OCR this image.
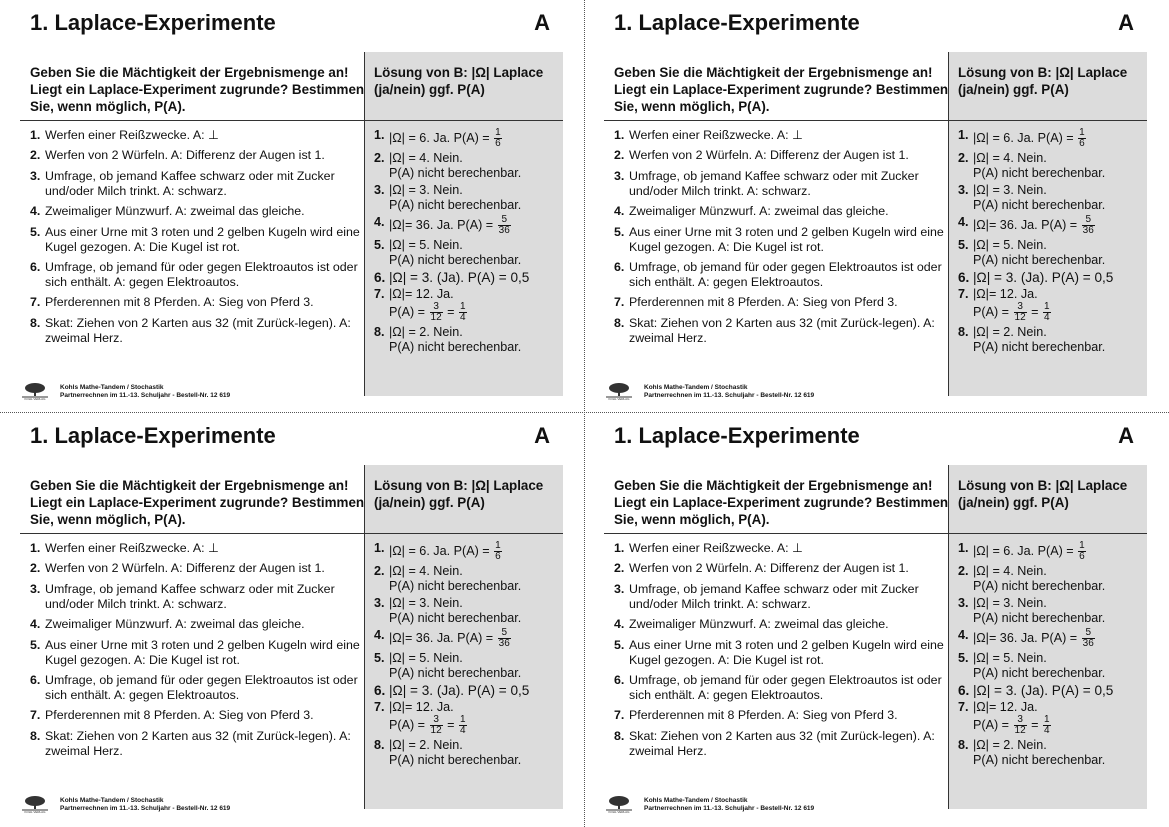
1. Laplace-Experimente	A
Geben Sie die Mächtigkeit der Ergebnismenge an! Liegt ein Laplace-Experiment zugrunde? Bestimmen Sie, wenn möglich, P(A).
1. Werfen einer Reißzwecke. A: ⊥
2. Werfen von 2 Würfeln. A: Differenz der Augen ist 1.
3. Umfrage, ob jemand Kaffee schwarz oder mit Zucker und/oder Milch trinkt. A: schwarz.
4. Zweimaliger Münzwurf. A: zweimal das gleiche.
5. Aus einer Urne mit 3 roten und 2 gelben Kugeln wird eine Kugel gezogen. A: Die Kugel ist rot.
6. Umfrage, ob jemand für oder gegen Elektroautos ist oder sich enthält. A: gegen Elektroautos.
7. Pferderennen mit 8 Pferden. A: Sieg von Pferd 3.
8. Skat: Ziehen von 2 Karten aus 32 (mit Zurück-legen). A: zweimal Herz.
Lösung von B: |Ω| Laplace (ja/nein) ggf. P(A)
1. |Ω| = 6. Ja. $P(A) = \frac{1}{6}$
2. |Ω| = 4. Nein.
P(A) nicht berechenbar.
3. |Ω| = 3. Nein.
P(A) nicht berechenbar.
4. |Ω|= 36. Ja. $P(A) = \frac{5}{36}$
5. |Ω| = 5. Nein.
P(A) nicht berechenbar.
6. |Ω| = 3. (Ja). P(A) = 0,5
7. |Ω|= 12. Ja.
$P(A) = \frac{3}{12} = \frac{1}{4}$
8. |Ω| = 2. Nein.
P(A) nicht berechenbar.
KOHL VERLAG
Kohls Mathe-Tandem / Stochastik
Partnerrechnen im 11.-13. Schuljahr - Bestell-Nr. 12 619
1. Laplace-Experimente	A
Geben Sie die Mächtigkeit der Ergebnismenge an! Liegt ein Laplace-Experiment zugrunde? Bestimmen Sie, wenn möglich, P(A).
1. Werfen einer Reißzwecke. A: ⊥
2. Werfen von 2 Würfeln. A: Differenz der Augen ist 1.
3. Umfrage, ob jemand Kaffee schwarz oder mit Zucker und/oder Milch trinkt. A: schwarz.
4. Zweimaliger Münzwurf. A: zweimal das gleiche.
5. Aus einer Urne mit 3 roten und 2 gelben Kugeln wird eine Kugel gezogen. A: Die Kugel ist rot.
6. Umfrage, ob jemand für oder gegen Elektroautos ist oder sich enthält. A: gegen Elektroautos.
7. Pferderennen mit 8 Pferden. A: Sieg von Pferd 3.
8. Skat: Ziehen von 2 Karten aus 32 (mit Zurück-legen). A: zweimal Herz.
Lösung von B: |Ω| Laplace (ja/nein) ggf. P(A)
1. |Ω| = 6. Ja. $P(A) = \frac{1}{6}$
2. |Ω| = 4. Nein.
P(A) nicht berechenbar.
3. |Ω| = 3. Nein.
P(A) nicht berechenbar.
4. |Ω|= 36. Ja. $P(A) = \frac{5}{36}$
5. |Ω| = 5. Nein.
P(A) nicht berechenbar.
6. |Ω| = 3. (Ja). P(A) = 0,5
7. |Ω|= 12. Ja.
$P(A) = \frac{3}{12} = \frac{1}{4}$
8. |Ω| = 2. Nein.
P(A) nicht berechenbar.
KOHL VERLAG
Kohls Mathe-Tandem / Stochastik
Partnerrechnen im 11.-13. Schuljahr - Bestell-Nr. 12 619
1. Laplace-Experimente	A
Geben Sie die Mächtigkeit der Ergebnismenge an! Liegt ein Laplace-Experiment zugrunde? Bestimmen Sie, wenn möglich, P(A).
1. Werfen einer Reißzwecke. A: ⊥
2. Werfen von 2 Würfeln. A: Differenz der Augen ist 1.
3. Umfrage, ob jemand Kaffee schwarz oder mit Zucker und/oder Milch trinkt. A: schwarz.
4. Zweimaliger Münzwurf. A: zweimal das gleiche.
5. Aus einer Urne mit 3 roten und 2 gelben Kugeln wird eine Kugel gezogen. A: Die Kugel ist rot.
6. Umfrage, ob jemand für oder gegen Elektroautos ist oder sich enthält. A: gegen Elektroautos.
7. Pferderennen mit 8 Pferden. A: Sieg von Pferd 3.
8. Skat: Ziehen von 2 Karten aus 32 (mit Zurück-legen). A: zweimal Herz.
Lösung von B: |Ω| Laplace (ja/nein) ggf. P(A)
1. |Ω| = 6. Ja. $P(A) = \frac{1}{6}$
2. |Ω| = 4. Nein.
P(A) nicht berechenbar.
3. |Ω| = 3. Nein.
P(A) nicht berechenbar.
4. |Ω|= 36. Ja. $P(A) = \frac{5}{36}$
5. |Ω| = 5. Nein.
P(A) nicht berechenbar.
6. |Ω| = 3. (Ja). P(A) = 0,5
7. |Ω|= 12. Ja.
$P(A) = \frac{3}{12} = \frac{1}{4}$
8. |Ω| = 2. Nein.
P(A) nicht berechenbar.
KOHL VERLAG
Kohls Mathe-Tandem / Stochastik
Partnerrechnen im 11.-13. Schuljahr - Bestell-Nr. 12 619
1. Laplace-Experimente	A
Geben Sie die Mächtigkeit der Ergebnismenge an! Liegt ein Laplace-Experiment zugrunde? Bestimmen Sie, wenn möglich, P(A).
1. Werfen einer Reißzwecke. A: ⊥
2. Werfen von 2 Würfeln. A: Differenz der Augen ist 1.
3. Umfrage, ob jemand Kaffee schwarz oder mit Zucker und/oder Milch trinkt. A: schwarz.
4. Zweimaliger Münzwurf. A: zweimal das gleiche.
5. Aus einer Urne mit 3 roten und 2 gelben Kugeln wird eine Kugel gezogen. A: Die Kugel ist rot.
6. Umfrage, ob jemand für oder gegen Elektroautos ist oder sich enthält. A: gegen Elektroautos.
7. Pferderennen mit 8 Pferden. A: Sieg von Pferd 3.
8. Skat: Ziehen von 2 Karten aus 32 (mit Zurück-legen). A: zweimal Herz.
Lösung von B: |Ω| Laplace (ja/nein) ggf. P(A)
1. |Ω| = 6. Ja. $P(A) = \frac{1}{6}$
2. |Ω| = 4. Nein.
P(A) nicht berechenbar.
3. |Ω| = 3. Nein.
P(A) nicht berechenbar.
4. |Ω|= 36. Ja. $P(A) = \frac{5}{36}$
5. |Ω| = 5. Nein.
P(A) nicht berechenbar.
6. |Ω| = 3. (Ja). P(A) = 0,5
7. |Ω|= 12. Ja.
$P(A) = \frac{3}{12} = \frac{1}{4}$
8. |Ω| = 2. Nein.
P(A) nicht berechenbar.
KOHL VERLAG
Kohls Mathe-Tandem / Stochastik
Partnerrechnen im 11.-13. Schuljahr - Bestell-Nr. 12 619
